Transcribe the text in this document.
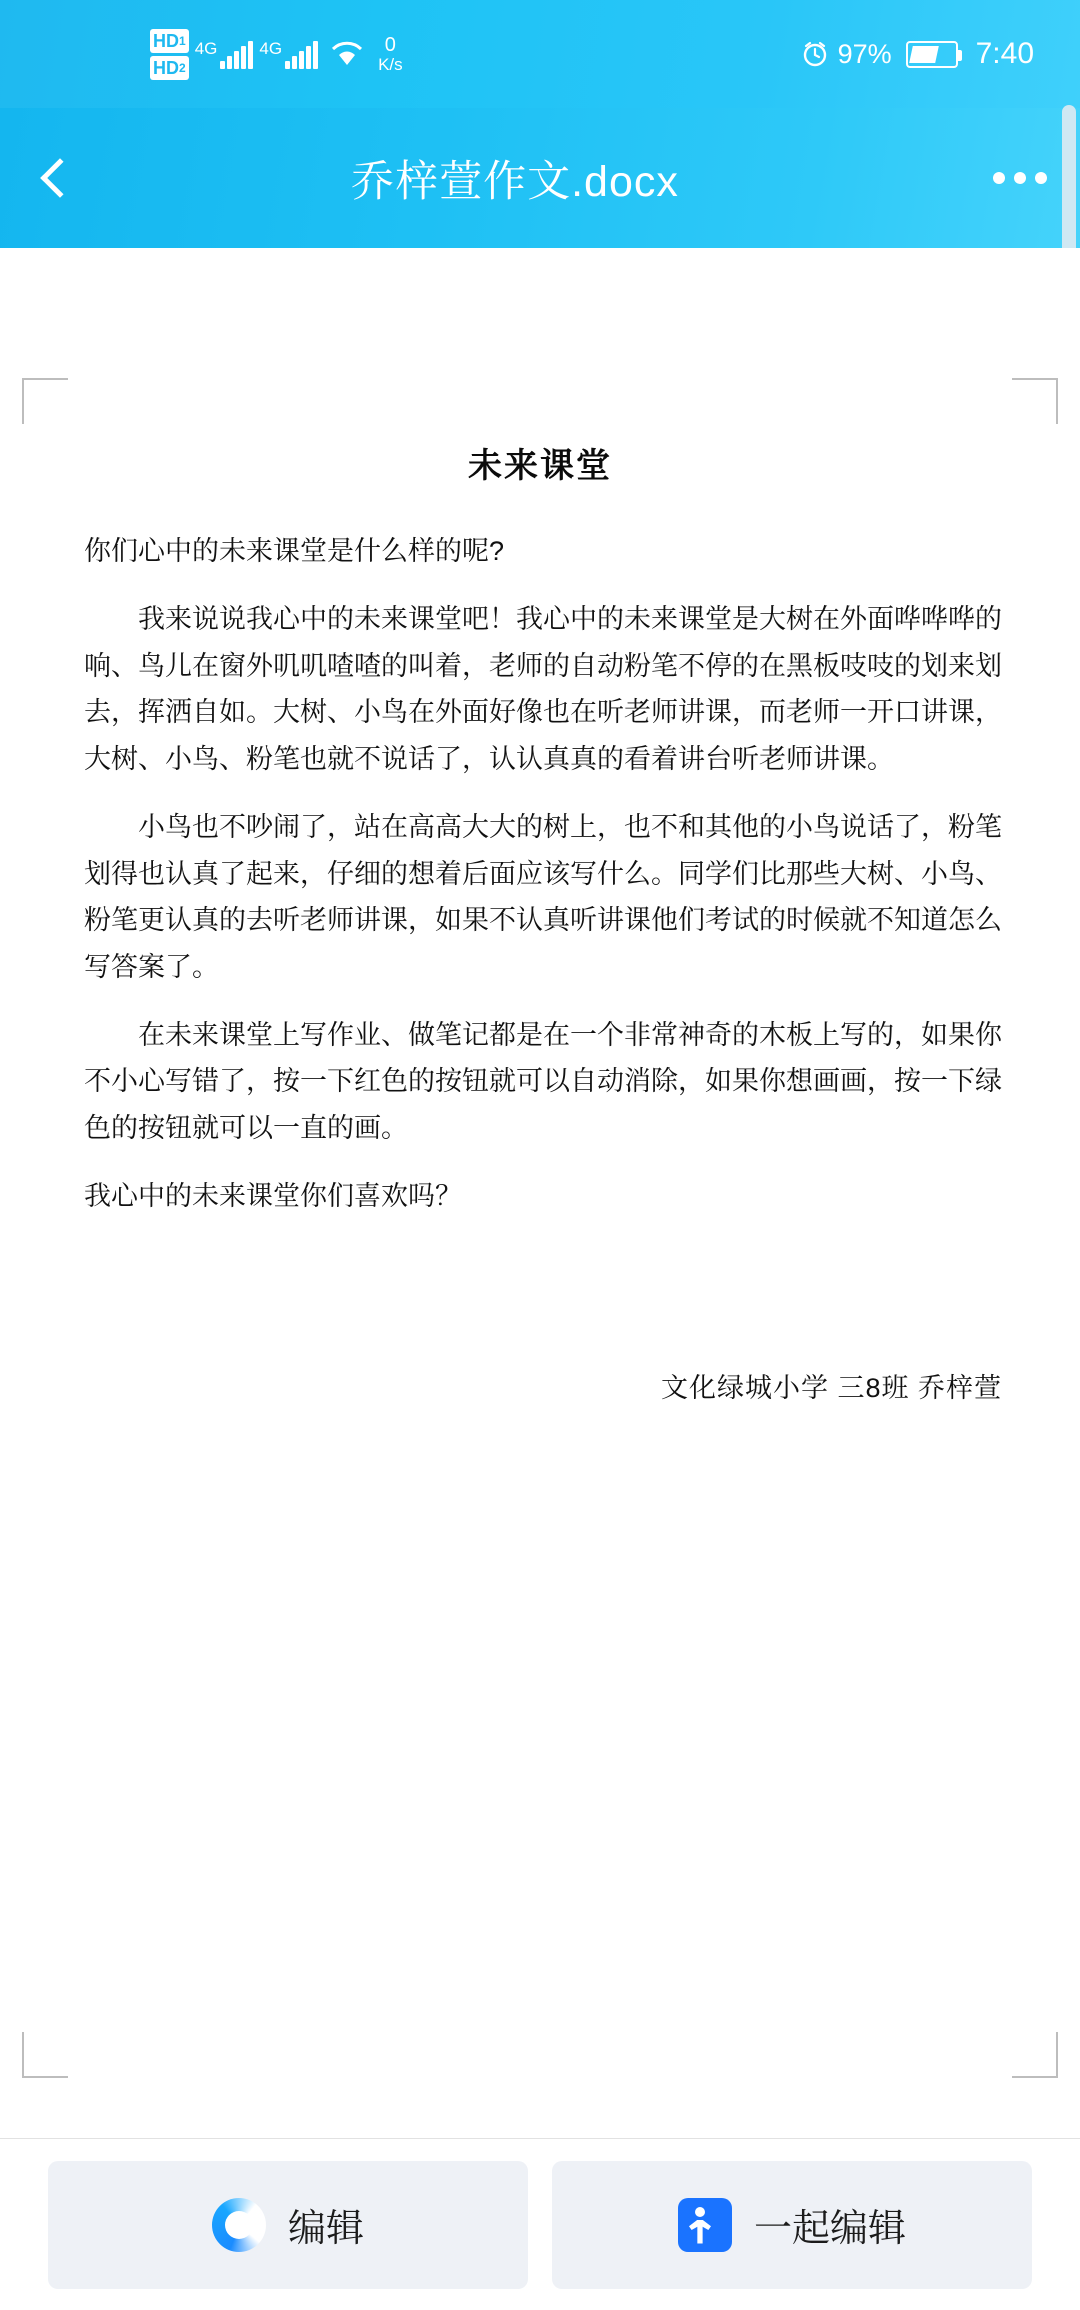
HD 1
HD 2
4G 4G	0
K/s	97%	7:40
乔梓萱作文.docx
未来课堂

你们心中的未来课堂是什么样的呢?

我来说说我心中的未来课堂吧！我心中的未来课堂是大树在外面哗哗哗的响、鸟儿在窗外叽叽喳喳的叫着，老师的自动粉笔不停的在黑板吱吱的划来划去，挥洒自如。大树、小鸟在外面好像也在听老师讲课，而老师一开口讲课，大树、小鸟、粉笔也就不说话了，认认真真的看着讲台听老师讲课。

小鸟也不吵闹了，站在高高大大的树上，也不和其他的小鸟说话了，粉笔划得也认真了起来，仔细的想着后面应该写什么。同学们比那些大树、小鸟、粉笔更认真的去听老师讲课，如果不认真听讲课他们考试的时候就不知道怎么写答案了。

在未来课堂上写作业、做笔记都是在一个非常神奇的木板上写的，如果你不小心写错了，按一下红色的按钮就可以自动消除，如果你想画画，按一下绿色的按钮就可以一直的画。

我心中的未来课堂你们喜欢吗？

文化绿城小学 三8班 乔梓萱
编辑	一起编辑
